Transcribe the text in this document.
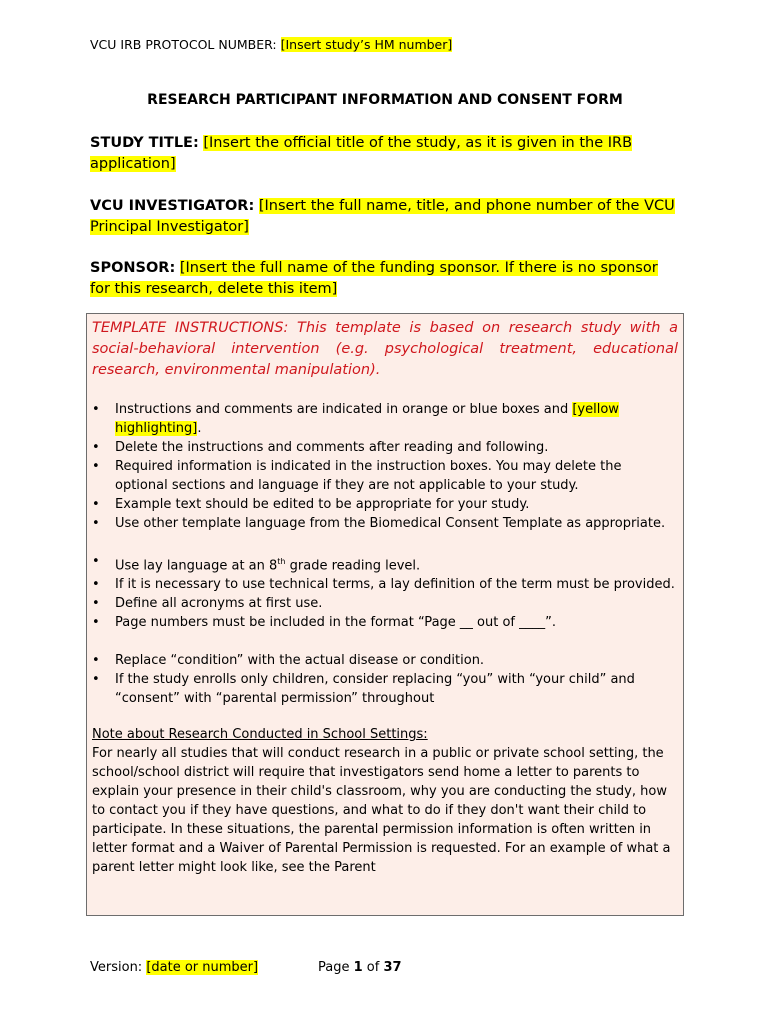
VCU IRB PROTOCOL NUMBER: [Insert study’s HM number]
RESEARCH PARTICIPANT INFORMATION AND CONSENT FORM
STUDY TITLE: [Insert the official title of the study, as it is given in the IRB application]
VCU INVESTIGATOR: [Insert the full name, title, and phone number of the VCU Principal Investigator]
SPONSOR: [Insert the full name of the funding sponsor. If there is no sponsor for this research, delete this item]

TEMPLATE INSTRUCTIONS: This template is based on research study with a social-behavioral intervention (e.g. psychological treatment, educational research, environmental manipulation).

• Instructions and comments are indicated in orange or blue boxes and [yellow highlighting].
• Delete the instructions and comments after reading and following.
• Required information is indicated in the instruction boxes. You may delete the optional sections and language if they are not applicable to your study.
• Example text should be edited to be appropriate for your study.
• Use other template language from the Biomedical Consent Template as appropriate.
• Use lay language at an 8th grade reading level.
• If it is necessary to use technical terms, a lay definition of the term must be provided.
• Define all acronyms at first use.
• Page numbers must be included in the format “Page __ out of ____”.
• Replace “condition” with the actual disease or condition.
• If the study enrolls only children, consider replacing “you” with “your child” and “consent” with “parental permission” throughout
Note about Research Conducted in School Settings:

For nearly all studies that will conduct research in a public or private school setting, the school/school district will require that investigators send home a letter to parents to explain your presence in their child's classroom, why you are conducting the study, how to contact you if they have questions, and what to do if they don't want their child to participate. In these situations, the parental permission information is often written in letter format and a Waiver of Parental Permission is requested. For an example of what a parent letter might look like, see the Parent

Version: [date or number]	Page 1 of 37
